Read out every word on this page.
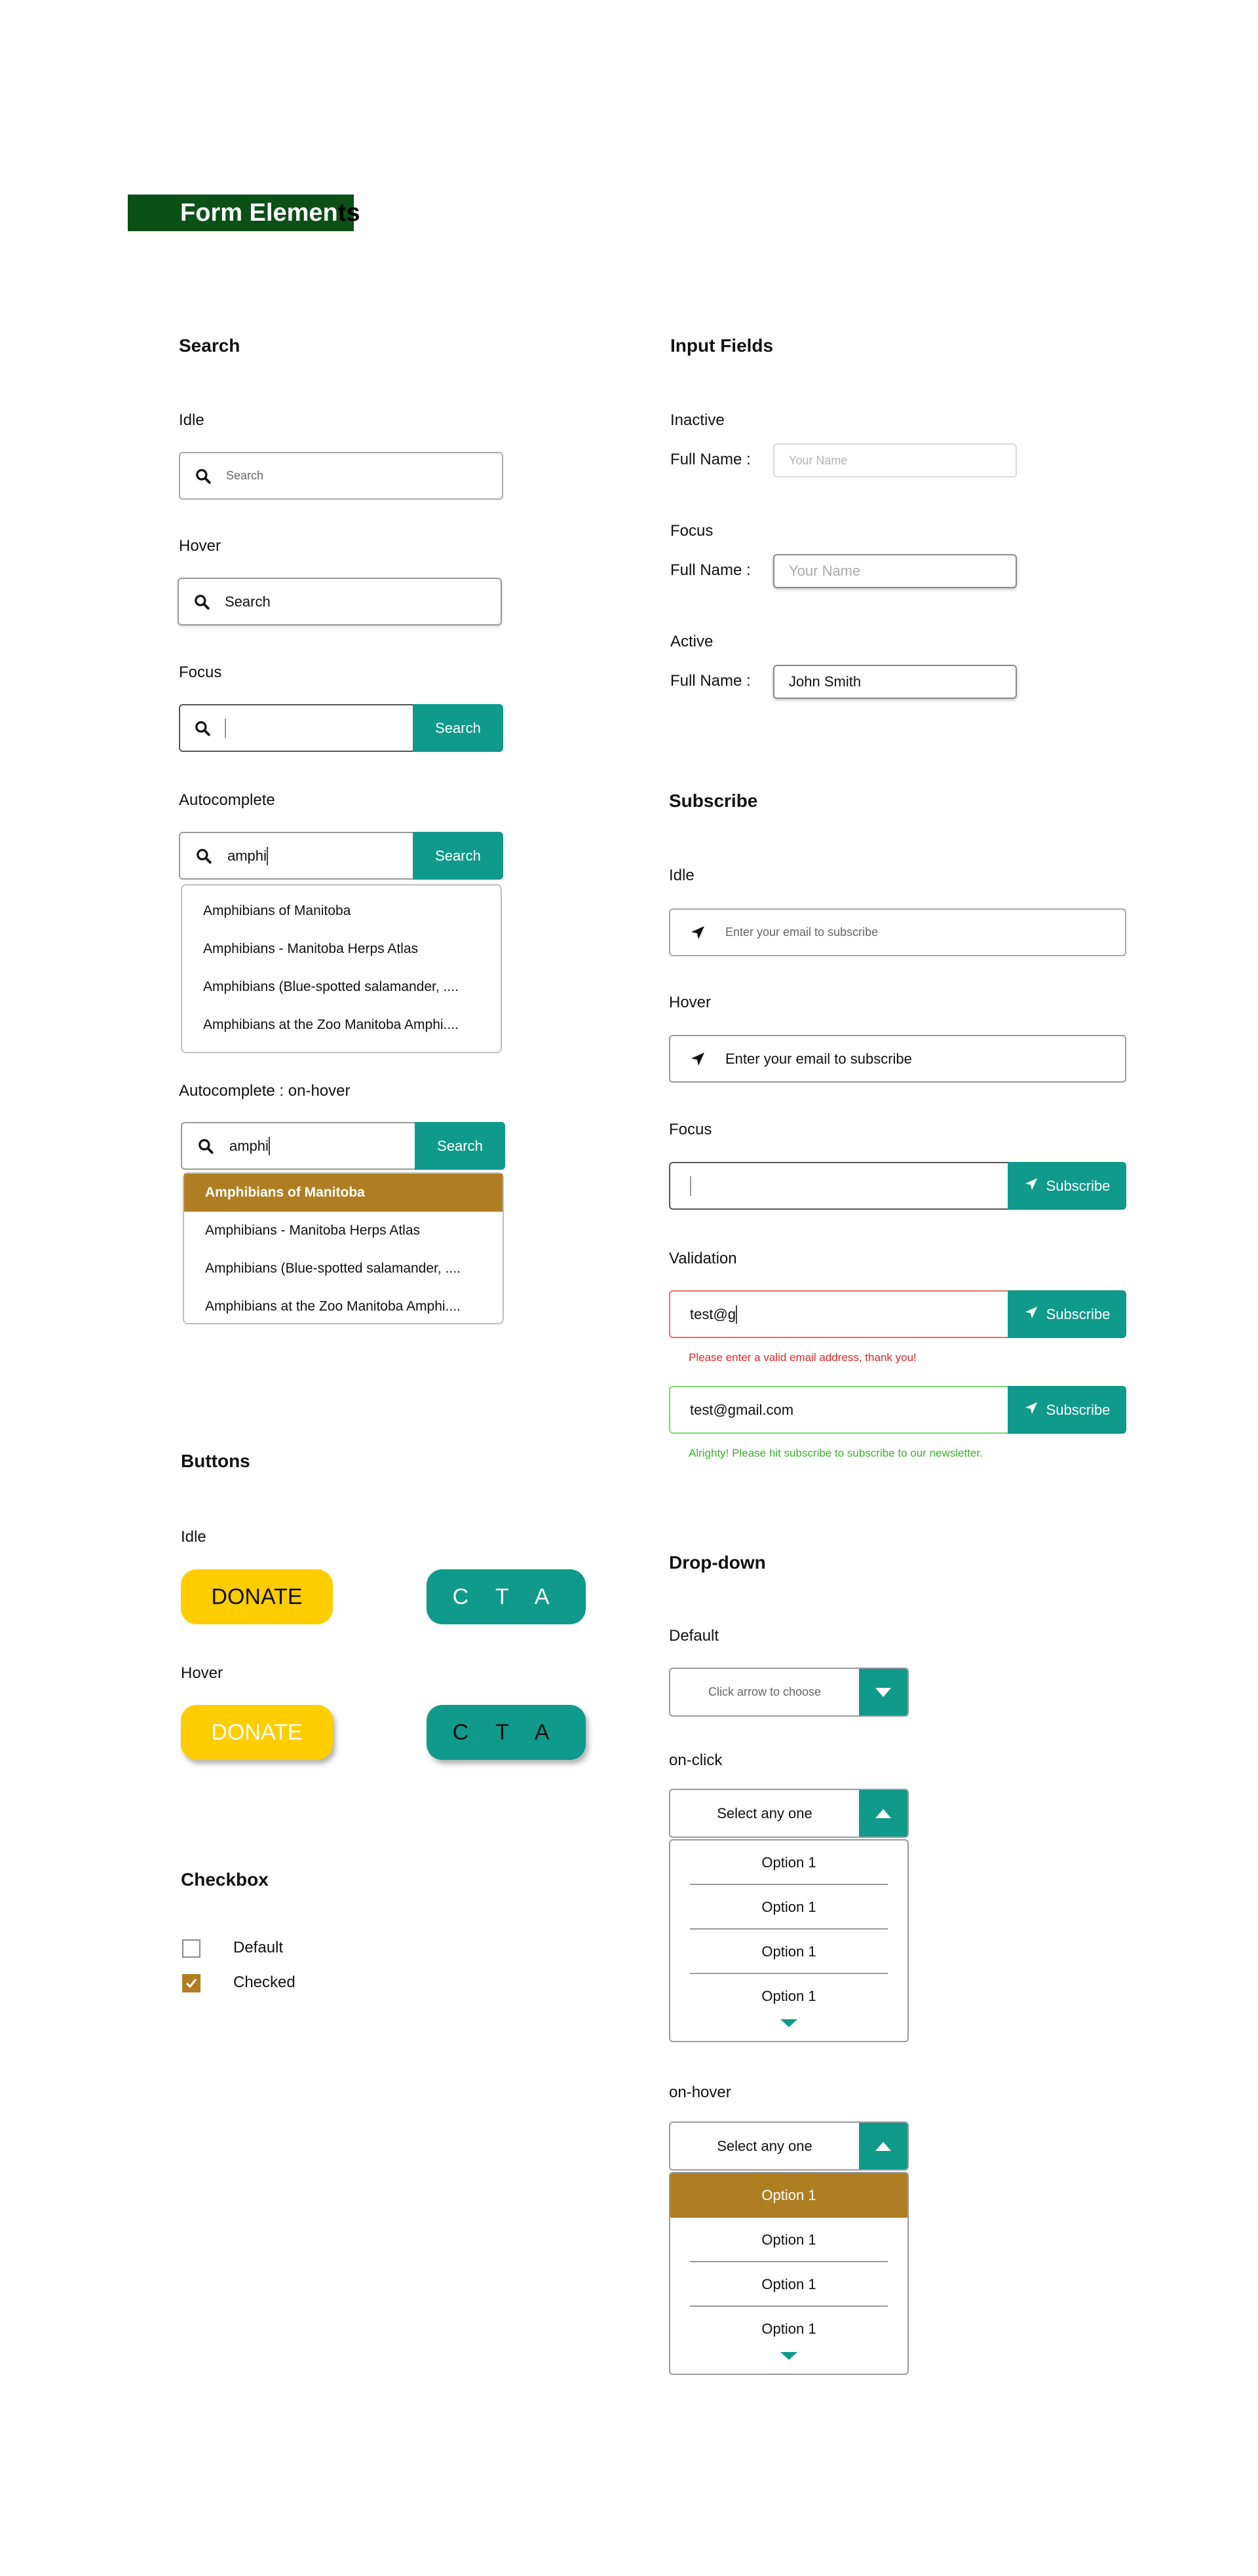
Form Elements
Search
Idle
Search
Hover
Search
Focus
Search
Autocomplete
amphi	Search
Amphibians of Manitoba
Amphibians - Manitoba Herps Atlas
Amphibians (Blue-spotted salamander, ....
Amphibians at the Zoo Manitoba Amphi....
Autocomplete : on-hover
amphi	Search
Amphibians of Manitoba
Amphibians - Manitoba Herps Atlas
Amphibians (Blue-spotted salamander, ....
Amphibians at the Zoo Manitoba Amphi....
Input Fields
Inactive
Full Name :	Your Name
Focus
Full Name :	Your Name
Active
Full Name :	John Smith
Subscribe
Idle
Enter your email to subscribe
Hover
Enter your email to subscribe
Focus
Subscribe
Validation
test@g	Subscribe
Please enter a valid email address, thank you!
test@gmail.com	Subscribe
Alrighty! Please hit subscribe to subscribe to our newsletter.
Buttons
Idle
DONATE	C T A
Hover
DONATE	C T A
Checkbox
Default
Checked
Drop-down
Default
Click arrow to choose
on-click
Select any one
Option 1
Option 1
Option 1
Option 1
on-hover
Select any one
Option 1
Option 1
Option 1
Option 1
